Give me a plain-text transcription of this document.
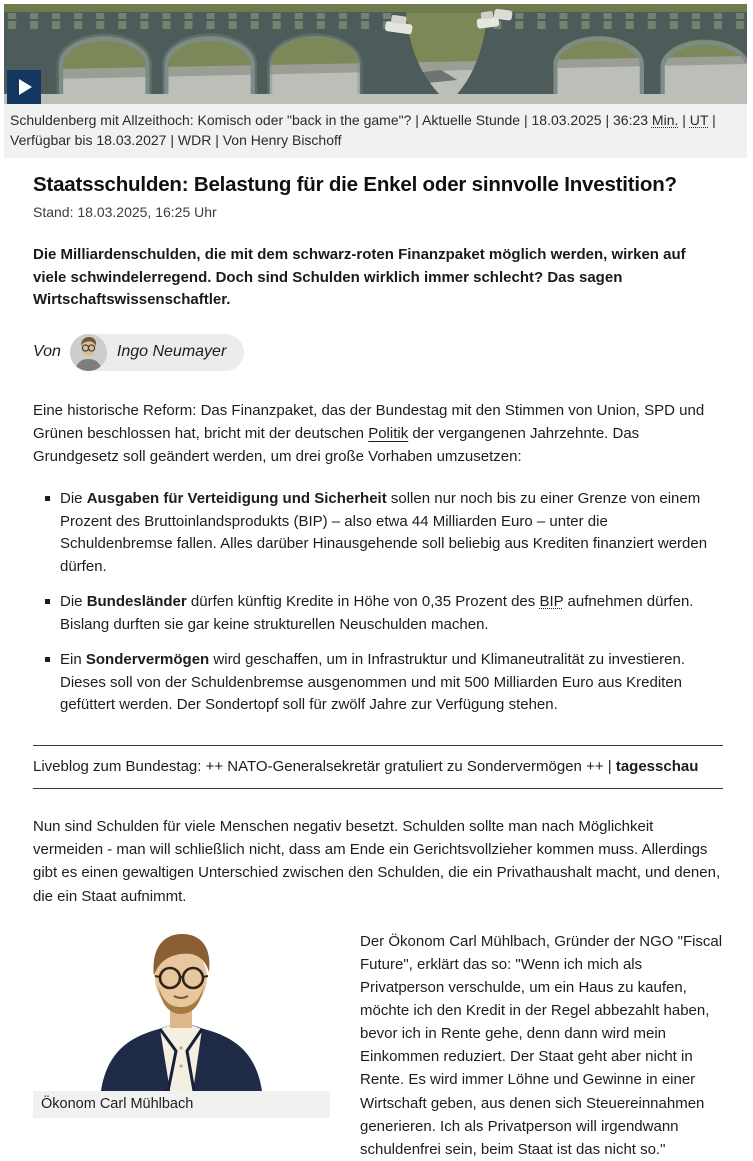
Schuldenberg mit Allzeithoch: Komisch oder "back in the game"? | Aktuelle Stunde | 18.03.2025 | 36:23 Min. | UT | Verfügbar bis 18.03.2027 | WDR | Von Henry Bischoff
Staatsschulden: Belastung für die Enkel oder sinnvolle Investition?
Stand: 18.03.2025, 16:25 Uhr

Die Milliardenschulden, die mit dem schwarz-roten Finanzpaket möglich werden, wirken auf viele schwindelerregend. Doch sind Schulden wirklich immer schlecht? Das sagen Wirtschaftswissenschaftler.

Von	Ingo Neumayer

Eine historische Reform: Das Finanzpaket, das der Bundestag mit den Stimmen von Union, SPD und Grünen beschlossen hat, bricht mit der deutschen Politik der vergangenen Jahrzehnte. Das Grundgesetz soll geändert werden, um drei große Vorhaben umzusetzen:

Die Ausgaben für Verteidigung und Sicherheit sollen nur noch bis zu einer Grenze von einem Prozent des Bruttoinlandsprodukts (BIP) – also etwa 44 Milliarden Euro – unter die Schuldenbremse fallen. Alles darüber Hinausgehende soll beliebig aus Krediten finanziert werden dürfen.
Die Bundesländer dürfen künftig Kredite in Höhe von 0,35 Prozent des BIP aufnehmen dürfen. Bislang durften sie gar keine strukturellen Neuschulden machen.
Ein Sondervermögen wird geschaffen, um in Infrastruktur und Klimaneutralität zu investieren. Dieses soll von der Schuldenbremse ausgenommen und mit 500 Milliarden Euro aus Krediten gefüttert werden. Der Sondertopf soll für zwölf Jahre zur Verfügung stehen.
Liveblog zum Bundestag: ++ NATO-Generalsekretär gratuliert zu Sondervermögen ++ | tagesschau

Nun sind Schulden für viele Menschen negativ besetzt. Schulden sollte man nach Möglichkeit vermeiden - man will schließlich nicht, dass am Ende ein Gerichtsvollzieher kommen muss. Allerdings gibt es einen gewaltigen Unterschied zwischen den Schulden, die ein Privathaushalt macht, und denen, die ein Staat aufnimmt.

Ökonom Carl Mühlbach
Der Ökonom Carl Mühlbach, Gründer der NGO "Fiscal Future", erklärt das so: "Wenn ich mich als Privatperson verschulde, um ein Haus zu kaufen, möchte ich den Kredit in der Regel abbezahlt haben, bevor ich in Rente gehe, denn dann wird mein Einkommen reduziert. Der Staat geht aber nicht in Rente. Es wird immer Löhne und Gewinne in einer Wirtschaft geben, aus denen sich Steuereinnahmen generieren. Ich als Privatperson will irgendwann schuldenfrei sein, beim Staat ist das nicht so."
